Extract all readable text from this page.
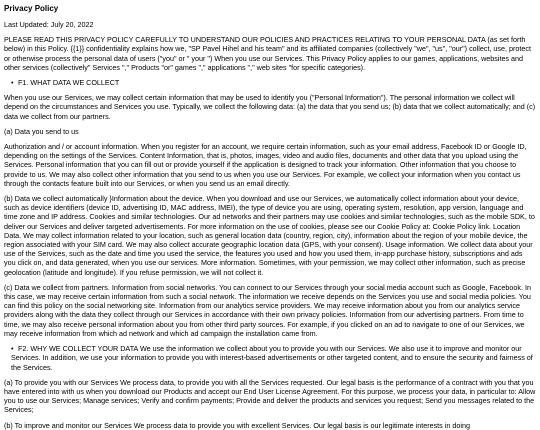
Privacy Policy

Last Updated: July 20, 2022

PLEASE READ THIS PRIVACY POLICY CAREFULLY TO UNDERSTAND OUR POLICIES AND PRACTICES RELATING TO YOUR PERSONAL DATA (as set forth below) in this Policy. {{1}} confidentiality explains how we, "SP Pavel Hihel and his team" and its affiliated companies (collectively "we", "us", "our") collect, use, protect or otherwise process the personal data of users ("you" or " your ") When you use our Services. This Privacy Policy applies to our games, applications, websites and other services (collectively" Services "," Products "or" games "," applications "," web sites "for specific categories).

• F1. WHAT DATA WE COLLECT

When you use our Services, we may collect certain information that may be used to identify you ("Personal Information"). The personal information we collect will depend on the circumstances and Services you use. Typically, we collect the following data: (a) the data that you send us; (b) data that we collect automatically; and (c) data we collect from our partners.

(a) Data you send to us

Authorization and / or account information. When you register for an account, we require certain information, such as your email address, Facebook ID or Google ID, depending on the settings of the Services. Content Information, that is, photos, images, video and audio files, documents and other data that you upload using the Services. Personal information that you can fill out or provide yourself if the application is designed to track your information. Other information that you choose to provide to us. We may also collect other information that you send to us when you use our Services. For example, we collect your information when you contact us through the contacts feature built into our Services, or when you send us an email directly.

(b) Data we collect automatically }Information about the device. When you download and use our Services, we automatically collect information about your device, such as device identifiers (device ID, advertising ID, MAC address, IMEI), the type of device you are using, operating system, resolution, app version, language and time zone and IP address. Cookies and similar technologies. Our ad networks and their partners may use cookies and similar technologies, such as the mobile SDK, to deliver our Services and deliver targeted advertisements. For more information on the use of cookies, please see our Cookie Policy at: Cookie Policy link. Location Data. We may collect information related to your location, such as general location data (country, region, city), information about the region of your mobile device, the region associated with your SIM card. We may also collect accurate geographic location data (GPS, with your consent). Usage information. We collect data about your use of the Services, such as the date and time you used the service, the features you used and how you used them, in-app purchase history, subscriptions and ads you click on, and data generated, when you use our services. More information. Sometimes, with your permission, we may collect other information, such as precise geolocation (latitude and longitude). If you refuse permission, we will not collect it.

(c) Data we collect from partners. Information from social networks. You can connect to our Services through your social media account such as Google, Facebook. In this case, we may receive certain information from such a social network. The information we receive depends on the Services you use and social media policies. You can find this policy on the social networking site. Information from our analytics service providers. We may receive information about you from our analytics service providers along with the data they collect through our Services in accordance with their own privacy policies. Information from our advertising partners. From time to time, we may also receive personal information about you from other third party sources. For example, if you clicked on an ad to navigate to one of our Services, we may receive information from which ad network and which ad campaign the installation came from.

• F2. WHY WE COLLECT YOUR DATA We use the information we collect about you to provide you with our Services. We also use it to improve and monitor our Services. In addition, we use your information to provide you with interest-based advertisements or other targeted content, and to ensure the security and fairness of the Services.

(a) To provide you with our Services We process data, to provide you with all the Services requested. Our legal basis is the performance of a contract with you that you have entered into with us when you download our Products and accept our End User License Agreement. For this purpose, we process your data, in particular to: Allow you to use our Services; Manage services; Verify and confirm payments; Provide and deliver the products and services you request; Send you messages related to the Services;

(b) To improve and monitor our Services We process data to provide you with excellent Services. Our legal basis is our legitimate interests in doing
